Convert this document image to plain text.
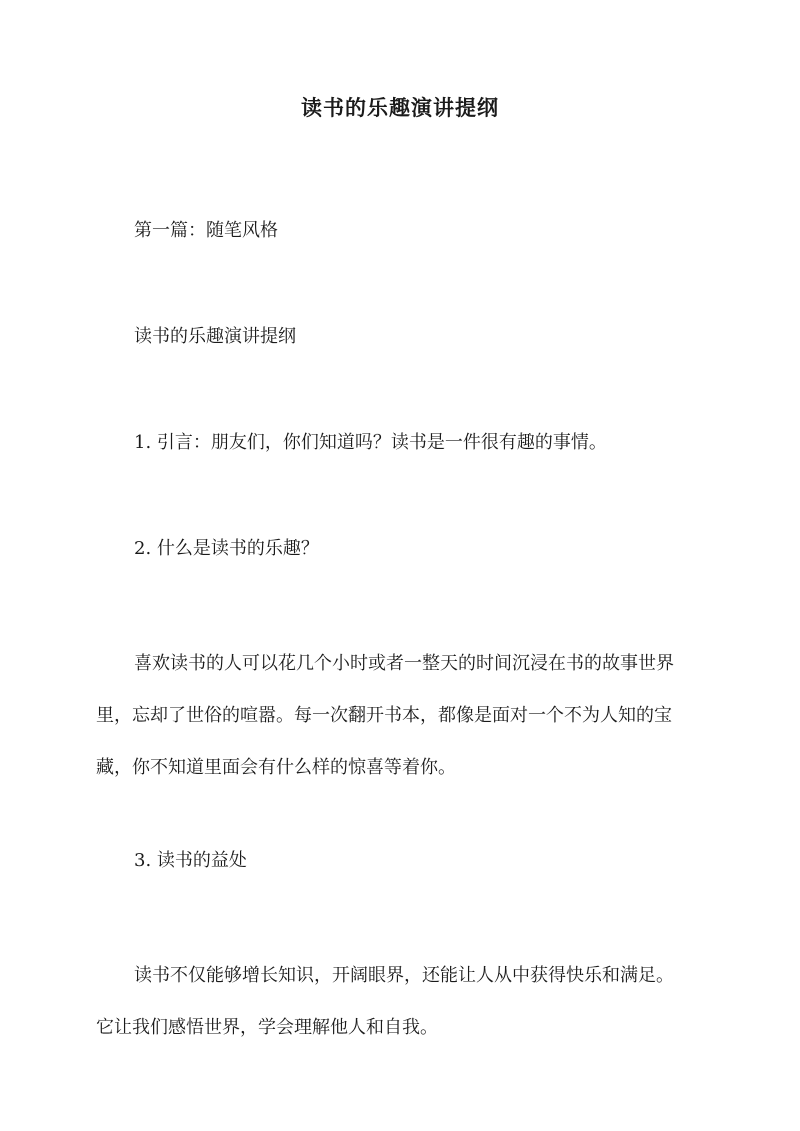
读书的乐趣演讲提纲
第一篇：随笔风格
读书的乐趣演讲提纲
1. 引言：朋友们，你们知道吗？读书是一件很有趣的事情。
2. 什么是读书的乐趣？
喜欢读书的人可以花几个小时或者一整天的时间沉浸在书的故事世界
里，忘却了世俗的喧嚣。每一次翻开书本，都像是面对一个不为人知的宝
藏，你不知道里面会有什么样的惊喜等着你。
3. 读书的益处
读书不仅能够增长知识，开阔眼界，还能让人从中获得快乐和满足。
它让我们感悟世界，学会理解他人和自我。
